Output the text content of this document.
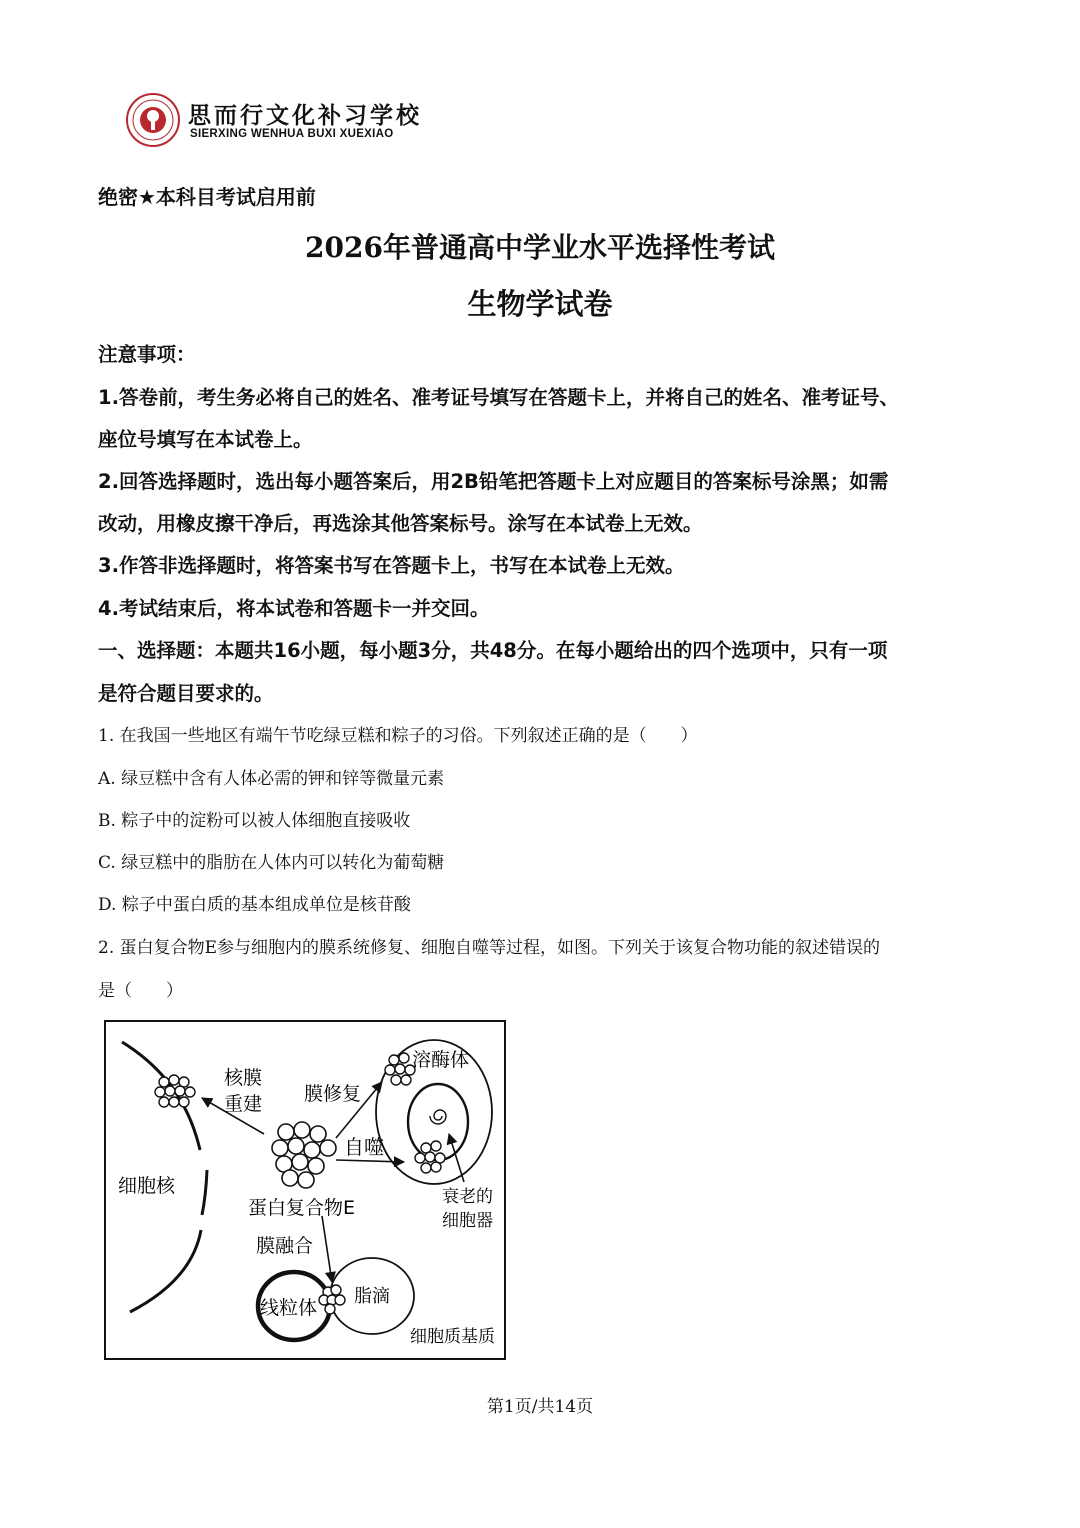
思而行文化补习学校
SIERXING WENHUA BUXI XUEXIAO
绝密★本科目考试启用前
2026年普通高中学业水平选择性考试
生物学试卷
注意事项：
1.答卷前，考生务必将自己的姓名、准考证号填写在答题卡上，并将自己的姓名、准考证号、
座位号填写在本试卷上。
2.回答选择题时，选出每小题答案后，用2B铅笔把答题卡上对应题目的答案标号涂黑；如需
改动，用橡皮擦干净后，再选涂其他答案标号。涂写在本试卷上无效。
3.作答非选择题时，将答案书写在答题卡上，书写在本试卷上无效。
4.考试结束后，将本试卷和答题卡一并交回。
一、选择题：本题共16小题，每小题3分，共48分。在每小题给出的四个选项中，只有一项
是符合题目要求的。
1. 在我国一些地区有端午节吃绿豆糕和粽子的习俗。下列叙述正确的是（　　）
A. 绿豆糕中含有人体必需的钾和锌等微量元素
B. 粽子中的淀粉可以被人体细胞直接吸收
C. 绿豆糕中的脂肪在人体内可以转化为葡萄糖
D. 粽子中蛋白质的基本组成单位是核苷酸
2. 蛋白复合物E参与细胞内的膜系统修复、细胞自噬等过程，如图。下列关于该复合物功能的叙述错误的
是（　　）
细胞核
核膜
重建 膜修复
溶酶体
自噬
衰老的
细胞器
蛋白复合物E
膜融合
线粒体
脂滴
细胞质基质
第1页/共14页
